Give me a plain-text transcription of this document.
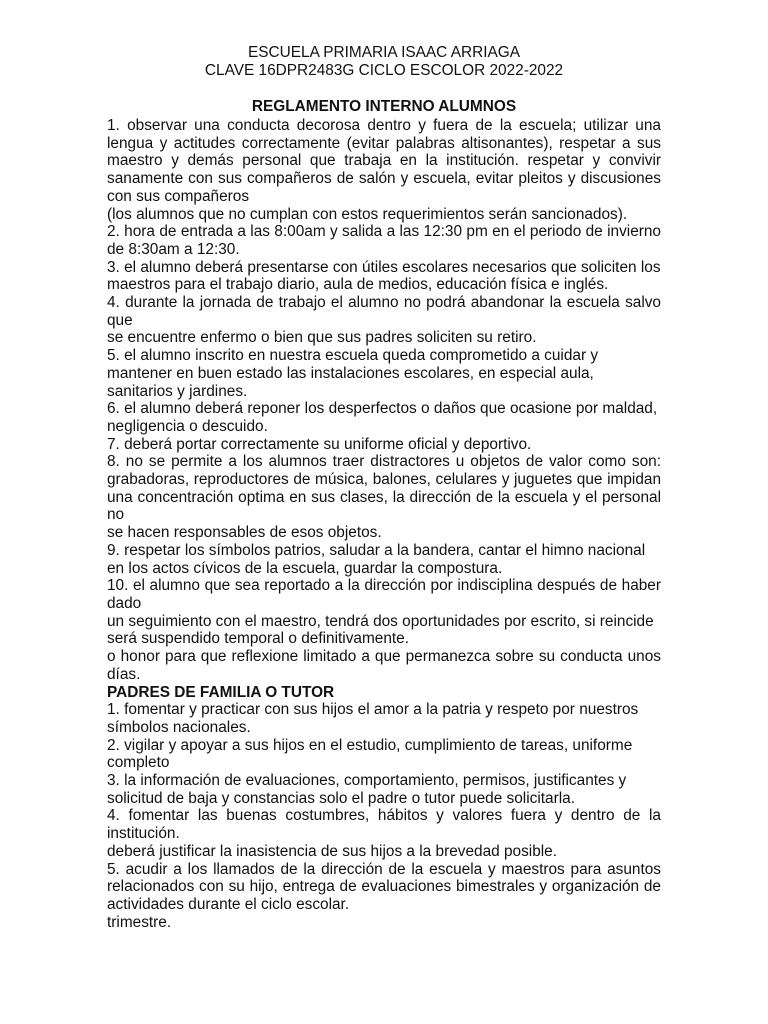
ESCUELA PRIMARIA ISAAC ARRIAGA
CLAVE 16DPR2483G CICLO ESCOLOR 2022-2022
REGLAMENTO INTERNO ALUMNOS

1. observar una conducta decorosa dentro y fuera de la escuela; utilizar una lengua y actitudes correctamente (evitar palabras altisonantes), respetar a sus maestro y demás personal que trabaja en la institución. respetar y convivir sanamente con sus compañeros de salón y escuela, evitar pleitos y discusiones con sus compañeros

(los alumnos que no cumplan con estos requerimientos serán sancionados).

2. hora de entrada a las 8:00am y salida a las 12:30 pm en el periodo de invierno de 8:30am a 12:30.

3. el alumno deberá presentarse con útiles escolares necesarios que soliciten los maestros para el trabajo diario, aula de medios, educación física e inglés.

4. durante la jornada de trabajo el alumno no podrá abandonar la escuela salvo que

se encuentre enfermo o bien que sus padres soliciten su retiro.

5. el alumno inscrito en nuestra escuela queda comprometido a cuidar y mantener en buen estado las instalaciones escolares, en especial aula, sanitarios y jardines.

6. el alumno deberá reponer los desperfectos o daños que ocasione por maldad, negligencia o descuido.

7. deberá portar correctamente su uniforme oficial y deportivo.

8. no se permite a los alumnos traer distractores u objetos de valor como son: grabadoras, reproductores de música, balones, celulares y juguetes que impidan una concentración optima en sus clases, la dirección de la escuela y el personal no

se hacen responsables de esos objetos.

9. respetar los símbolos patrios, saludar a la bandera, cantar el himno nacional en los actos cívicos de la escuela, guardar la compostura.

10. el alumno que sea reportado a la dirección por indisciplina después de haber dado

un seguimiento con el maestro, tendrá dos oportunidades por escrito, si reincide será suspendido temporal o definitivamente.

o honor para que reflexione limitado a que permanezca sobre su conducta unos días.

PADRES DE FAMILIA O TUTOR

1. fomentar y practicar con sus hijos el amor a la patria y respeto por nuestros símbolos nacionales.

2. vigilar y apoyar a sus hijos en el estudio, cumplimiento de tareas, uniforme completo

3. la información de evaluaciones, comportamiento, permisos, justificantes y solicitud de baja y constancias solo el padre o tutor puede solicitarla.

4. fomentar las buenas costumbres, hábitos y valores fuera y dentro de la institución.

deberá justificar la inasistencia de sus hijos a la brevedad posible.

5. acudir a los llamados de la dirección de la escuela y maestros para asuntos relacionados con su hijo, entrega de evaluaciones bimestrales y organización de actividades durante el ciclo escolar.

trimestre.
